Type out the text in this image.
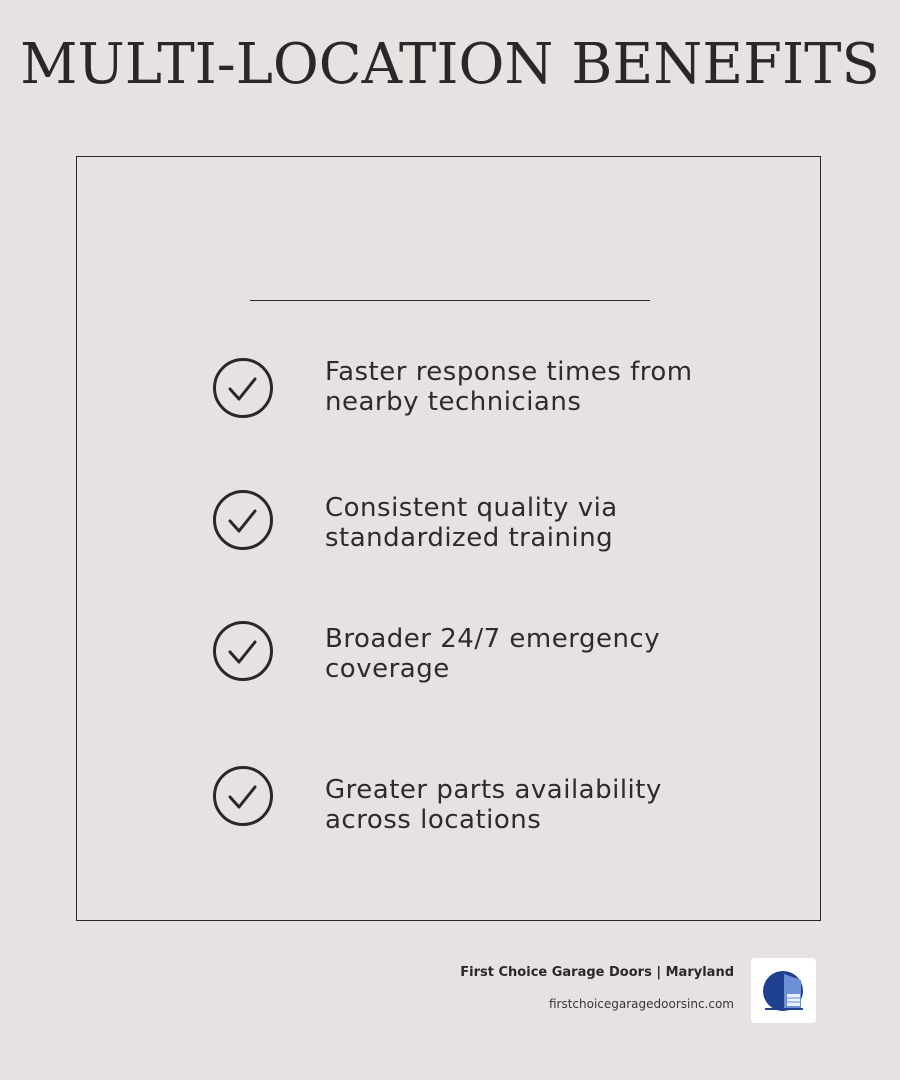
MULTI-LOCATION BENEFITS
Faster response times from nearby technicians
Consistent quality via standardized training
Broader 24/7 emergency coverage
Greater parts availability across locations
First Choice Garage Doors | Maryland
firstchoicegaragedoorsinc.com
